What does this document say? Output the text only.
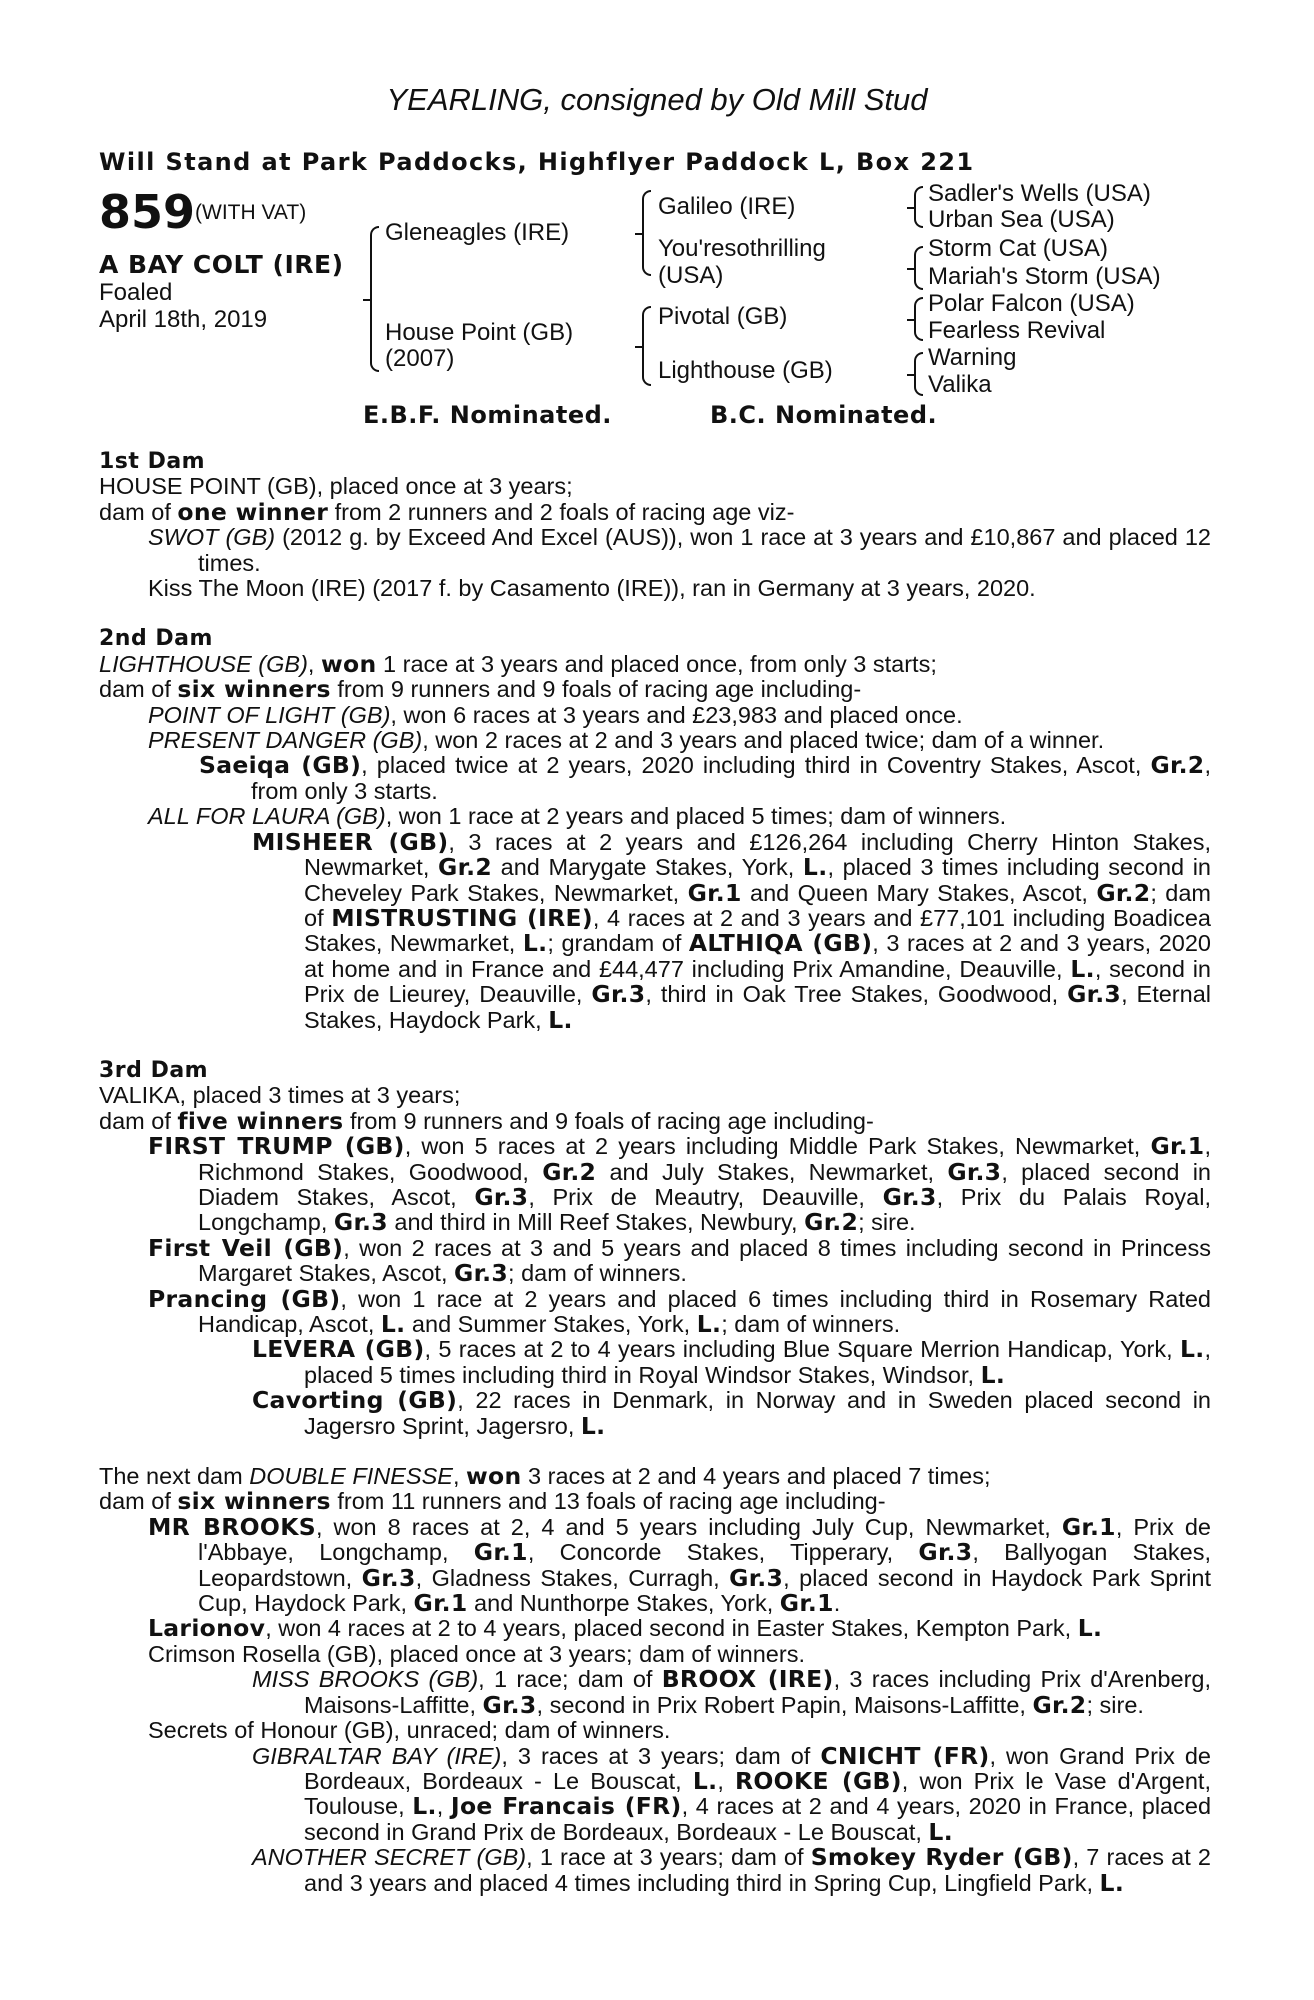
YEARLING, consigned by Old Mill Stud
Will Stand at Park Paddocks, Highflyer Paddock L, Box 221
859 (WITH VAT)
A BAY COLT (IRE)
Foaled
April 18th, 2019
Gleneagles (IRE)
House Point (GB)
(2007)
Galileo (IRE)
You'resothrilling
(USA)
Pivotal (GB)
Lighthouse (GB)
Sadler's Wells (USA)
Urban Sea (USA)
Storm Cat (USA)
Mariah's Storm (USA)
Polar Falcon (USA)
Fearless Revival
Warning
Valika
E.B.F. Nominated.	B.C. Nominated.

1st Dam

HOUSE POINT (GB), placed once at 3 years;

dam of one winner from 2 runners and 2 foals of racing age viz-

SWOT (GB) (2012 g. by Exceed And Excel (AUS)), won 1 race at 3 years and £10,867 and placed 12 times.

Kiss The Moon (IRE) (2017 f. by Casamento (IRE)), ran in Germany at 3 years, 2020.

2nd Dam

LIGHTHOUSE (GB), won 1 race at 3 years and placed once, from only 3 starts;

dam of six winners from 9 runners and 9 foals of racing age including-

POINT OF LIGHT (GB), won 6 races at 3 years and £23,983 and placed once.

PRESENT DANGER (GB), won 2 races at 2 and 3 years and placed twice; dam of a winner.

Saeiqa (GB), placed twice at 2 years, 2020 including third in Coventry Stakes, Ascot, Gr.2, from only 3 starts.

ALL FOR LAURA (GB), won 1 race at 2 years and placed 5 times; dam of winners.

MISHEER (GB), 3 races at 2 years and £126,264 including Cherry Hinton Stakes, Newmarket, Gr.2 and Marygate Stakes, York, L., placed 3 times including second in Cheveley Park Stakes, Newmarket, Gr.1 and Queen Mary Stakes, Ascot, Gr.2; dam of MISTRUSTING (IRE), 4 races at 2 and 3 years and £77,101 including Boadicea Stakes, Newmarket, L.; grandam of ALTHIQA (GB), 3 races at 2 and 3 years, 2020 at home and in France and £44,477 including Prix Amandine, Deauville, L., second in Prix de Lieurey, Deauville, Gr.3, third in Oak Tree Stakes, Goodwood, Gr.3, Eternal Stakes, Haydock Park, L.

3rd Dam

VALIKA, placed 3 times at 3 years;

dam of five winners from 9 runners and 9 foals of racing age including-

FIRST TRUMP (GB), won 5 races at 2 years including Middle Park Stakes, Newmarket, Gr.1, Richmond Stakes, Goodwood, Gr.2 and July Stakes, Newmarket, Gr.3, placed second in Diadem Stakes, Ascot, Gr.3, Prix de Meautry, Deauville, Gr.3, Prix du Palais Royal, Longchamp, Gr.3 and third in Mill Reef Stakes, Newbury, Gr.2; sire.

First Veil (GB), won 2 races at 3 and 5 years and placed 8 times including second in Princess Margaret Stakes, Ascot, Gr.3; dam of winners.

Prancing (GB), won 1 race at 2 years and placed 6 times including third in Rosemary Rated Handicap, Ascot, L. and Summer Stakes, York, L.; dam of winners.

LEVERA (GB), 5 races at 2 to 4 years including Blue Square Merrion Handicap, York, L., placed 5 times including third in Royal Windsor Stakes, Windsor, L.

Cavorting (GB), 22 races in Denmark, in Norway and in Sweden placed second in Jagersro Sprint, Jagersro, L.

The next dam DOUBLE FINESSE, won 3 races at 2 and 4 years and placed 7 times;

dam of six winners from 11 runners and 13 foals of racing age including-

MR BROOKS, won 8 races at 2, 4 and 5 years including July Cup, Newmarket, Gr.1, Prix de l'Abbaye, Longchamp, Gr.1, Concorde Stakes, Tipperary, Gr.3, Ballyogan Stakes, Leopardstown, Gr.3, Gladness Stakes, Curragh, Gr.3, placed second in Haydock Park Sprint Cup, Haydock Park, Gr.1 and Nunthorpe Stakes, York, Gr.1.

Larionov, won 4 races at 2 to 4 years, placed second in Easter Stakes, Kempton Park, L.

Crimson Rosella (GB), placed once at 3 years; dam of winners.

MISS BROOKS (GB), 1 race; dam of BROOX (IRE), 3 races including Prix d'Arenberg, Maisons-Laffitte, Gr.3, second in Prix Robert Papin, Maisons-Laffitte, Gr.2; sire.

Secrets of Honour (GB), unraced; dam of winners.

GIBRALTAR BAY (IRE), 3 races at 3 years; dam of CNICHT (FR), won Grand Prix de Bordeaux, Bordeaux - Le Bouscat, L., ROOKE (GB), won Prix le Vase d'Argent, Toulouse, L., Joe Francais (FR), 4 races at 2 and 4 years, 2020 in France, placed second in Grand Prix de Bordeaux, Bordeaux - Le Bouscat, L.

ANOTHER SECRET (GB), 1 race at 3 years; dam of Smokey Ryder (GB), 7 races at 2 and 3 years and placed 4 times including third in Spring Cup, Lingfield Park, L.
